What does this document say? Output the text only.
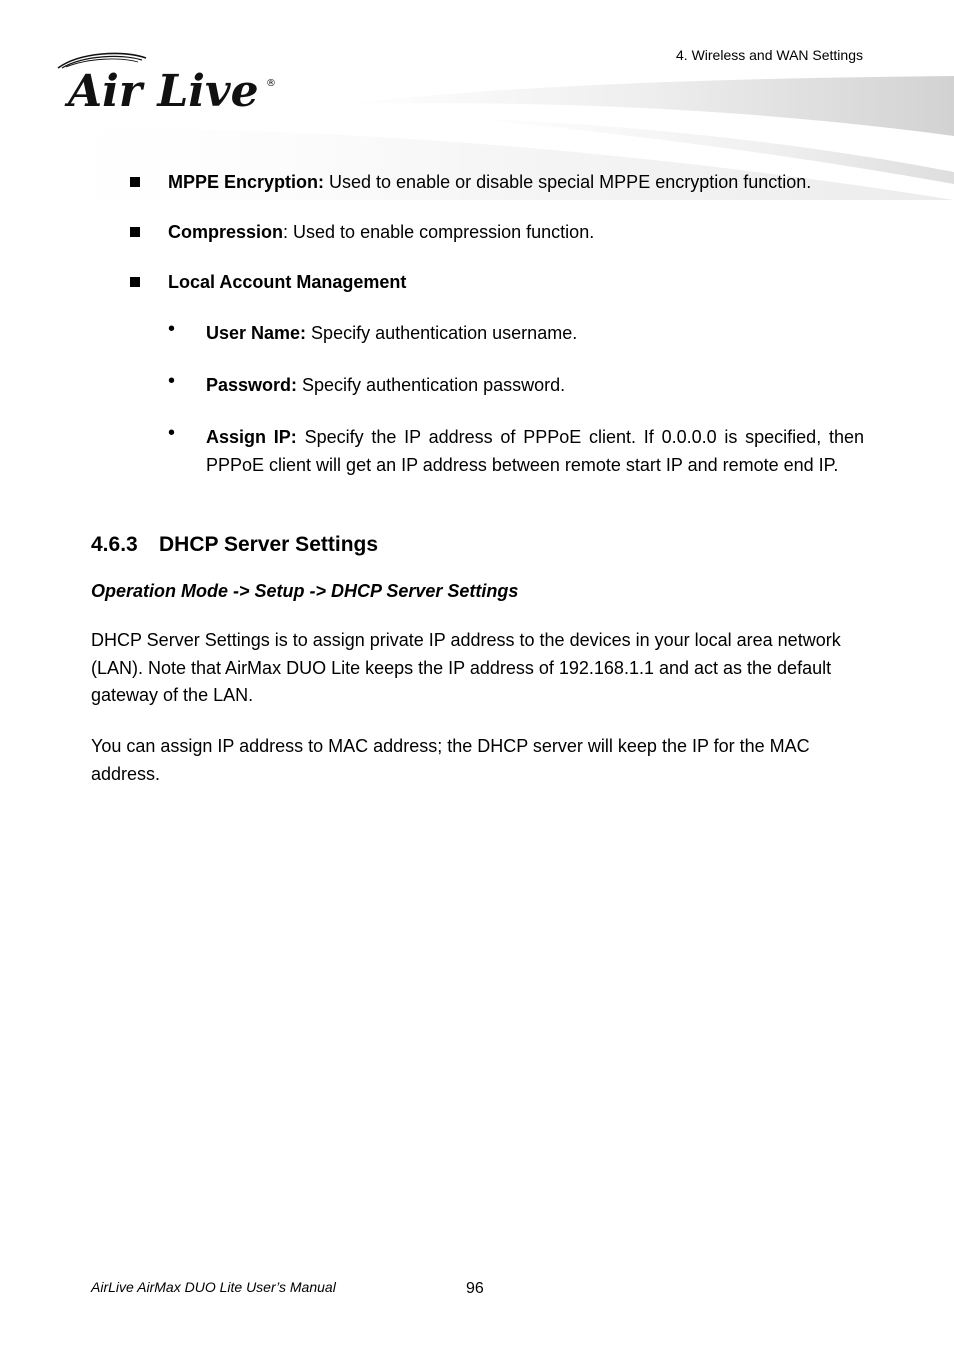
Air Live ®
4. Wireless and WAN Settings
MPPE Encryption: Used to enable or disable special MPPE encryption function.
Compression: Used to enable compression function.
Local Account Management
• User Name: Specify authentication username.
• Password: Specify authentication password.
• Assign IP: Specify the IP address of PPPoE client. If 0.0.0.0 is specified, then PPPoE client will get an IP address between remote start IP and remote end IP.
4.6.3 DHCP Server Settings
Operation Mode -> Setup -> DHCP Server Settings

DHCP Server Settings is to assign private IP address to the devices in your local area network (LAN). Note that AirMax DUO Lite keeps the IP address of 192.168.1.1 and act as the default gateway of the LAN.

You can assign IP address to MAC address; the DHCP server will keep the IP for the MAC address.

AirLive AirMax DUO Lite User’s Manual	96
